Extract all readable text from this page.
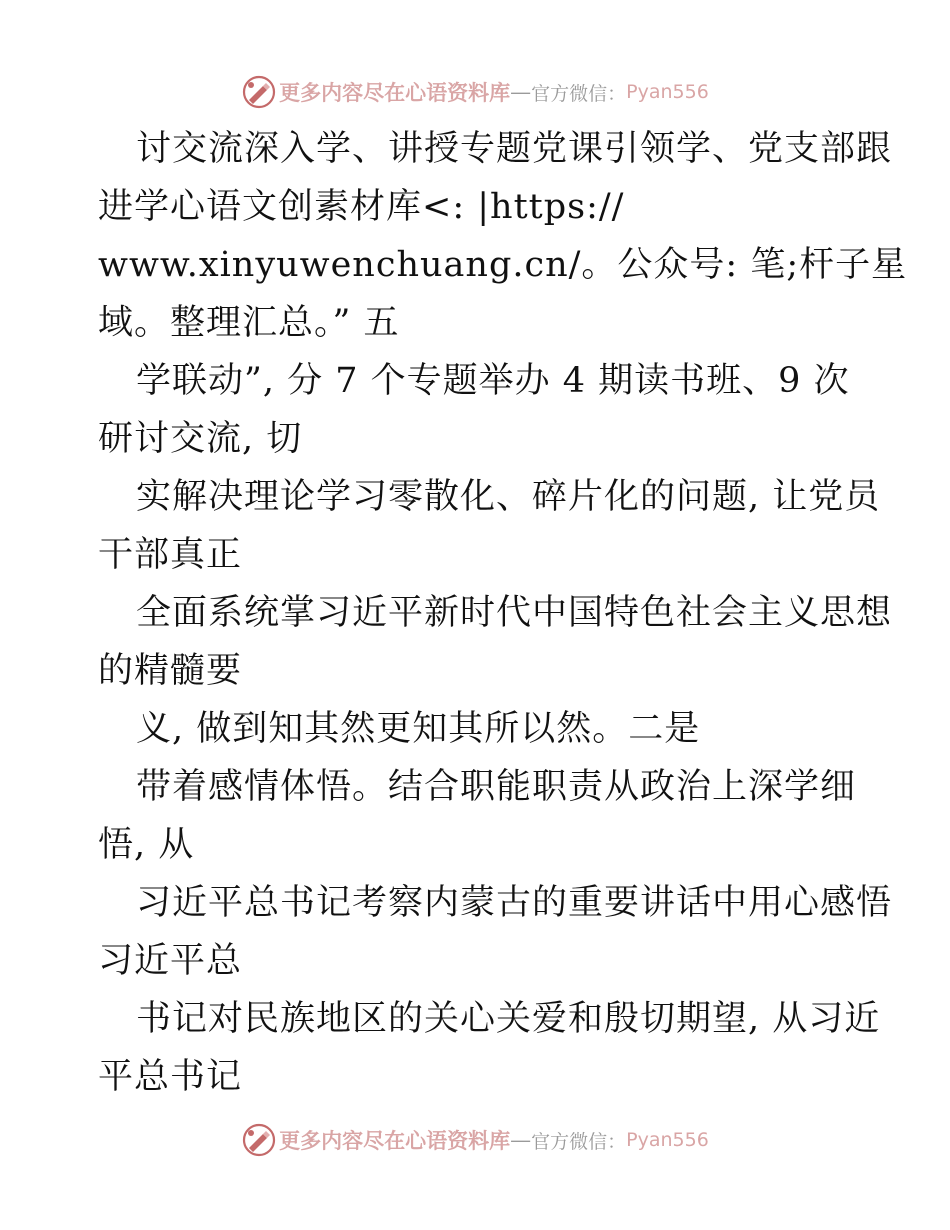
更多内容尽在心语资料库 — 官方微信： Pyan556
讨交流深入学、讲授专题党课引领学、党支部跟
进学心语文创素材库<: |https://
www.xinyuwenchuang.cn/。公众号: 笔;杆子星
域。整理汇总。” 五
学联动”, 分 7 个专题举办 4 期读书班、9 次
研讨交流, 切
实解决理论学习零散化、碎片化的问题, 让党员
干部真正
全面系统掌习近平新时代中国特色社会主义思想
的精髓要
义, 做到知其然更知其所以然。二是
带着感情体悟。结合职能职责从政治上深学细
悟, 从
习近平总书记考察内蒙古的重要讲话中用心感悟
习近平总
书记对民族地区的关心关爱和殷切期望, 从习近
平总书记
更多内容尽在心语资料库 — 官方微信： Pyan556
